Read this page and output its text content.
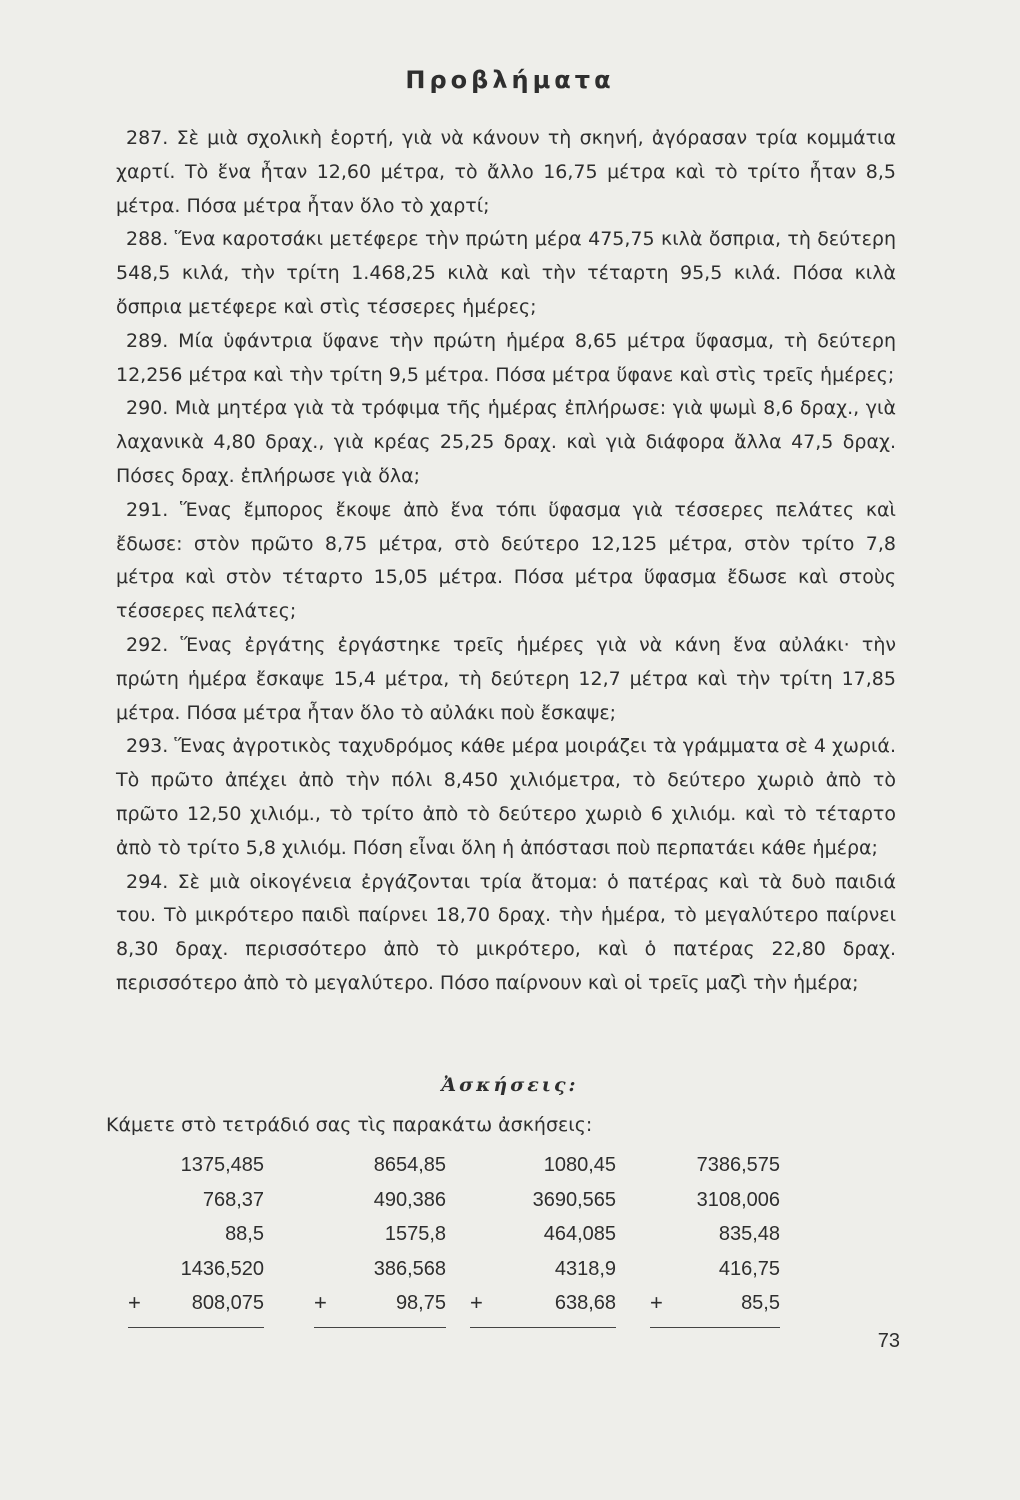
Προβλήματα

287. Σὲ μιὰ σχολικὴ ἑορτή, γιὰ νὰ κάνουν τὴ σκηνή, ἀγόρασαν τρία κομμάτια χαρτί. Τὸ ἕνα ἦταν 12,60 μέτρα, τὸ ἄλλο 16,75 μέτρα καὶ τὸ τρίτο ἦταν 8,5 μέτρα. Πόσα μέτρα ἦταν ὅλο τὸ χαρτί;

288. Ἕνα καροτσάκι μετέφερε τὴν πρώτη μέρα 475,75 κιλὰ ὄσπρια, τὴ δεύτερη 548,5 κιλά, τὴν τρίτη 1.468,25 κιλὰ καὶ τὴν τέταρτη 95,5 κιλά. Πόσα κιλὰ ὄσπρια μετέφερε καὶ στὶς τέσσερες ἡμέρες;

289. Μία ὑφάντρια ὕφανε τὴν πρώτη ἡμέρα 8,65 μέτρα ὕφασμα, τὴ δεύτερη 12,256 μέτρα καὶ τὴν τρίτη 9,5 μέτρα. Πόσα μέτρα ὕφανε καὶ στὶς τρεῖς ἡμέρες;

290. Μιὰ μητέρα γιὰ τὰ τρόφιμα τῆς ἡμέρας ἐπλήρωσε: γιὰ ψωμὶ 8,6 δραχ., γιὰ λαχανικὰ 4,80 δραχ., γιὰ κρέας 25,25 δραχ. καὶ γιὰ διάφορα ἄλλα 47,5 δραχ. Πόσες δραχ. ἐπλήρωσε γιὰ ὅλα;

291. Ἕνας ἔμπορος ἔκοψε ἀπὸ ἕνα τόπι ὕφασμα γιὰ τέσσερες πελάτες καὶ ἔδωσε: στὸν πρῶτο 8,75 μέτρα, στὸ δεύτερο 12,125 μέτρα, στὸν τρίτο 7,8 μέτρα καὶ στὸν τέταρτο 15,05 μέτρα. Πόσα μέτρα ὕφασμα ἔδωσε καὶ στοὺς τέσσερες πελάτες;

292. Ἕνας ἐργάτης ἐργάστηκε τρεῖς ἡμέρες γιὰ νὰ κάνη ἕνα αὐλάκι· τὴν πρώτη ἡμέρα ἔσκαψε 15,4 μέτρα, τὴ δεύτερη 12,7 μέτρα καὶ τὴν τρίτη 17,85 μέτρα. Πόσα μέτρα ἦταν ὅλο τὸ αὐλάκι ποὺ ἔσκαψε;

293. Ἕνας ἀγροτικὸς ταχυδρόμος κάθε μέρα μοιράζει τὰ γράμματα σὲ 4 χωριά. Τὸ πρῶτο ἀπέχει ἀπὸ τὴν πόλι 8,450 χιλιόμετρα, τὸ δεύτερο χωριὸ ἀπὸ τὸ πρῶτο 12,50 χιλιόμ., τὸ τρίτο ἀπὸ τὸ δεύτερο χωριὸ 6 χιλιόμ. καὶ τὸ τέταρτο ἀπὸ τὸ τρίτο 5,8 χιλιόμ. Πόση εἶναι ὅλη ἡ ἀπόστασι ποὺ περπατάει κάθε ἡμέρα;

294. Σὲ μιὰ οἰκογένεια ἐργάζονται τρία ἄτομα: ὁ πατέρας καὶ τὰ δυὸ παιδιά του. Τὸ μικρότερο παιδὶ παίρνει 18,70 δραχ. τὴν ἡμέρα, τὸ μεγαλύτερο παίρνει 8,30 δραχ. περισσότερο ἀπὸ τὸ μικρότερο, καὶ ὁ πατέρας 22,80 δραχ. περισσότερο ἀπὸ τὸ μεγαλύτερο. Πόσο παίρνουν καὶ οἱ τρεῖς μαζὶ τὴν ἡμέρα;

Ἀσκήσεις:
Κάμετε στὸ τετράδιό σας τὶς παρακάτω ἀσκήσεις:
1375,485
768,37
88,5
1436,520
+	808,075
8654,85
490,386
1575,8
386,568
+	98,75
1080,45
3690,565
464,085
4318,9
+	638,68
7386,575
3108,006
835,48
416,75
+	85,5
73
